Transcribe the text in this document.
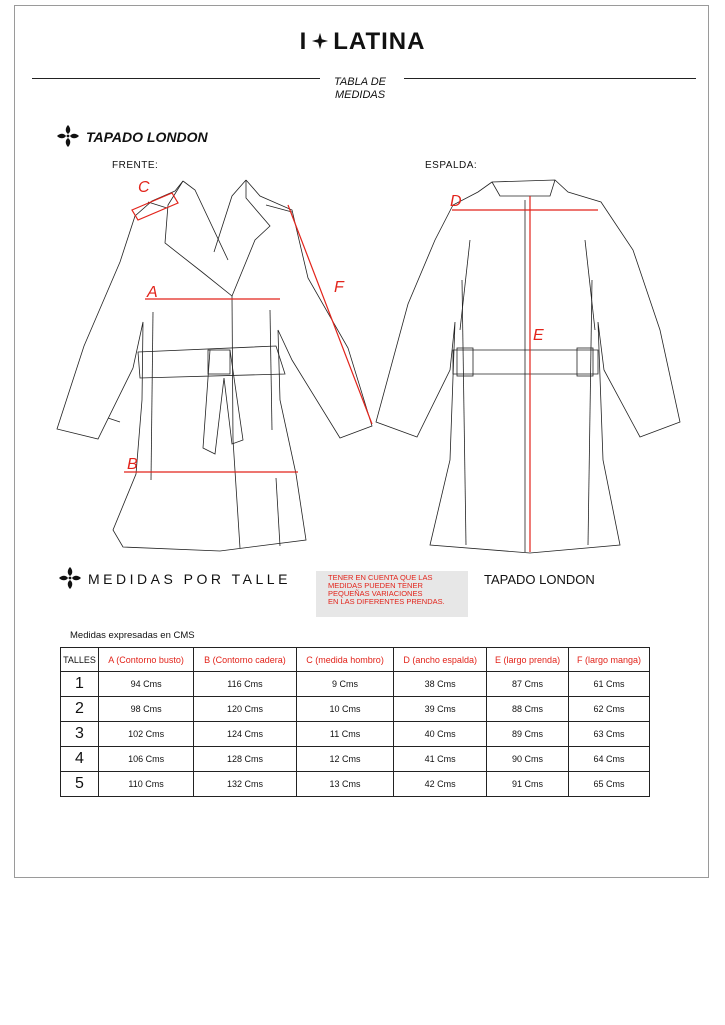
I LATINA
TABLA DE
MEDIDAS
TAPADO LONDON
FRENTE:	ESPALDA:
C
A
B
F
D
E
MEDIDAS POR TALLE	TENER EN CUENTA QUE LAS
MEDIDAS PUEDEN TENER
PEQUEÑAS VARIACIONES
EN LAS DIFERENTES PRENDAS.
TAPADO LONDON
Medidas expresadas en CMS
TALLES	A (Contorno busto)	B (Contorno cadera)	C (medida hombro)	D (ancho espalda)	E (largo prenda)	F (largo manga)
1	94 Cms	116 Cms	9 Cms	38 Cms	87 Cms	61 Cms
2	98 Cms	120 Cms	10 Cms	39 Cms	88 Cms	62 Cms
3	102 Cms	124 Cms	11 Cms	40 Cms	89 Cms	63 Cms
4	106 Cms	128 Cms	12 Cms	41 Cms	90 Cms	64 Cms
5	110 Cms	132 Cms	13 Cms	42 Cms	91 Cms	65 Cms
